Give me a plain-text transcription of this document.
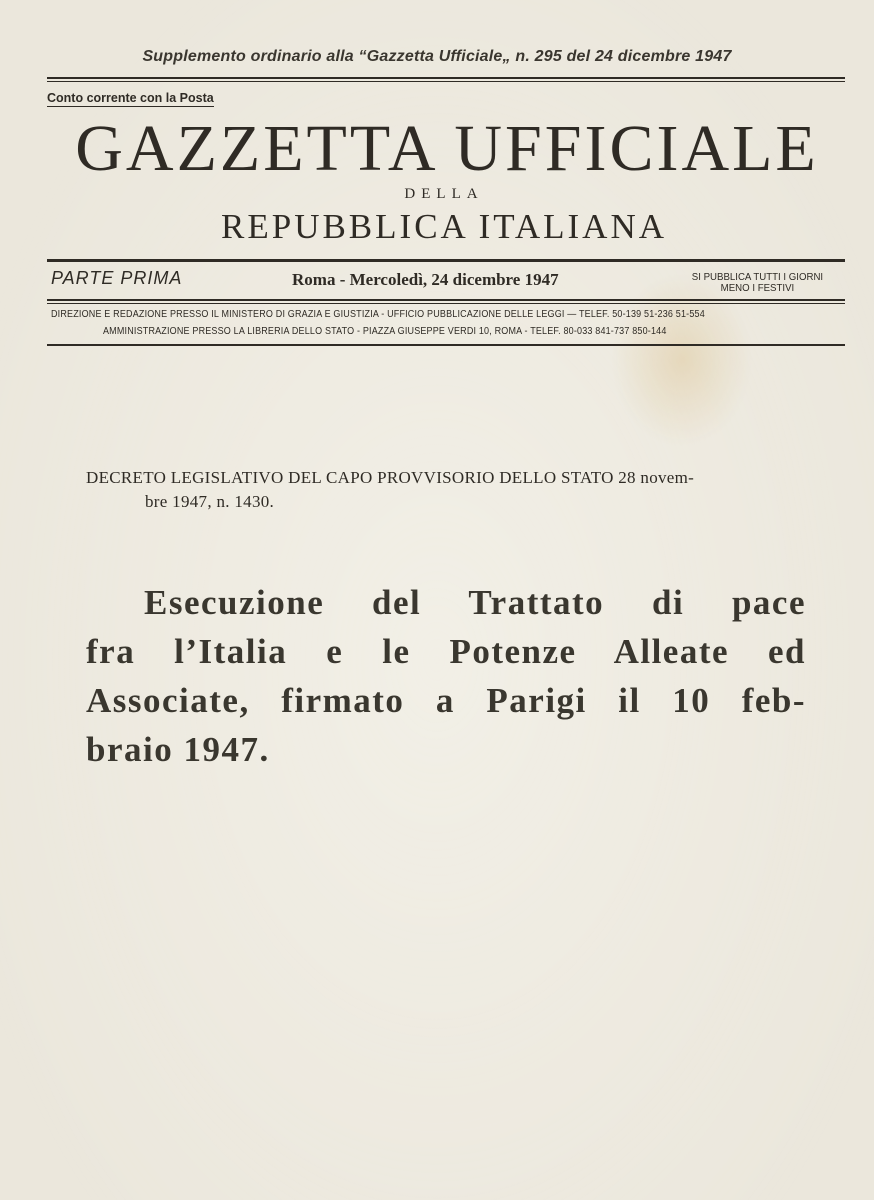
Supplemento ordinario alla “Gazzetta Ufficiale„ n. 295 del 24 dicembre 1947
Conto corrente con la Posta
GAZZETTA UFFICIALE
DELLA
REPUBBLICA ITALIANA
PARTE PRIMA	Roma - Mercoledì, 24 dicembre 1947	SI PUBBLICA TUTTI I GIORNI
MENO I FESTIVI
DIREZIONE E REDAZIONE PRESSO IL MINISTERO DI GRAZIA E GIUSTIZIA - UFFICIO PUBBLICAZIONE DELLE LEGGI — TELEF. 50-139 51-236 51-554
AMMINISTRAZIONE PRESSO LA LIBRERIA DELLO STATO - PIAZZA GIUSEPPE VERDI 10, ROMA - TELEF. 80-033 841-737 850-144
DECRETO LEGISLATIVO DEL CAPO PROVVISORIO DELLO STATO 28 novem-
bre 1947, n. 1430.
Esecuzione del Trattato di pace
fra l’Italia e le Potenze Alleate ed
Associate, firmato a Parigi il 10 feb-
braio 1947.
